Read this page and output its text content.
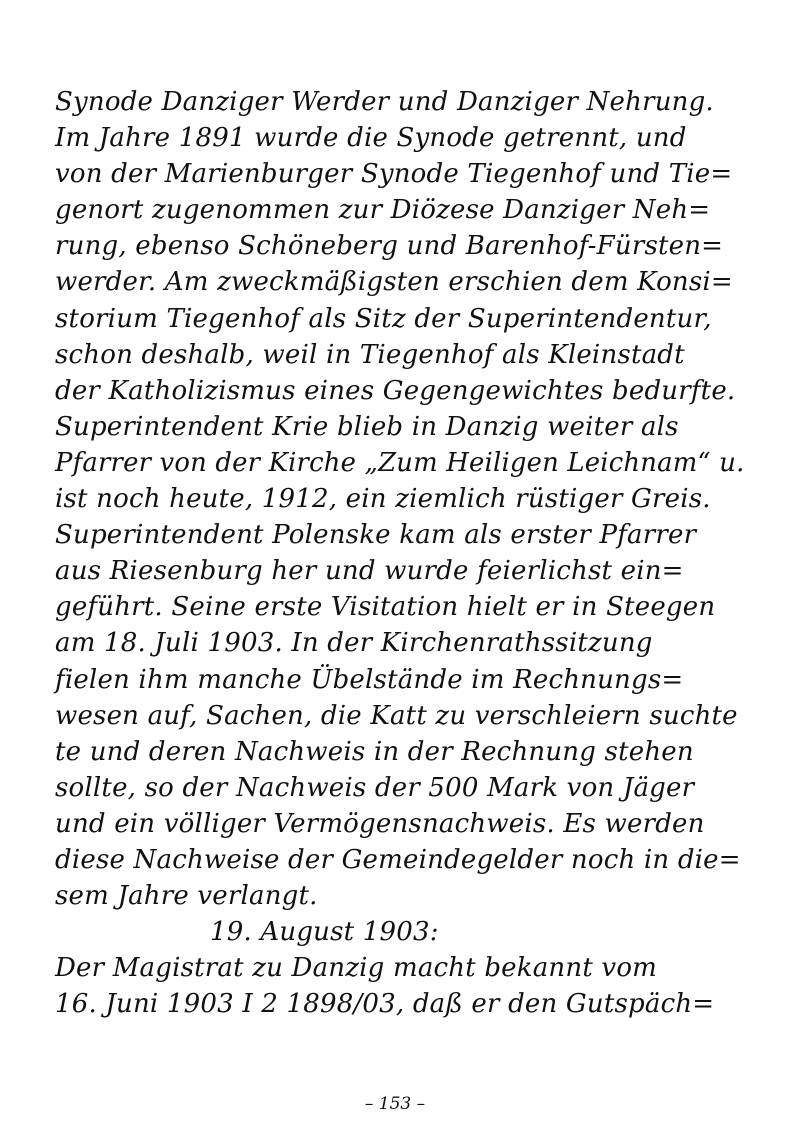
Synode Danziger Werder und Danziger Nehrung.
Im Jahre 1891 wurde die Synode getrennt, und
von der Marienburger Synode Tiegenhof und Tie=
genort zugenommen zur Diözese Danziger Neh=
rung, ebenso Schöneberg und Barenhof-Fürsten=
werder. Am zweckmäßigsten erschien dem Konsi=
storium Tiegenhof als Sitz der Superintendentur,
schon deshalb, weil in Tiegenhof als Kleinstadt
der Katholizismus eines Gegengewichtes bedurfte.
Superintendent Krie blieb in Danzig weiter als
Pfarrer von der Kirche „Zum Heiligen Leichnam“ u.
ist noch heute, 1912, ein ziemlich rüstiger Greis.
Superintendent Polenske kam als erster Pfarrer
aus Riesenburg her und wurde feierlichst ein=
geführt. Seine erste Visitation hielt er in Steegen
am 18. Juli 1903. In der Kirchenrathssitzung
fielen ihm manche Übelstände im Rechnungs=
wesen auf, Sachen, die Katt zu verschleiern suchte
te und deren Nachweis in der Rechnung stehen
sollte, so der Nachweis der 500 Mark von Jäger
und ein völliger Vermögensnachweis. Es werden
diese Nachweise der Gemeindegelder noch in die=
sem Jahre verlangt.
19. August 1903:
Der Magistrat zu Danzig macht bekannt vom
16. Juni 1903 I 2 1898/03, daß er den Gutspäch=
– 153 –
